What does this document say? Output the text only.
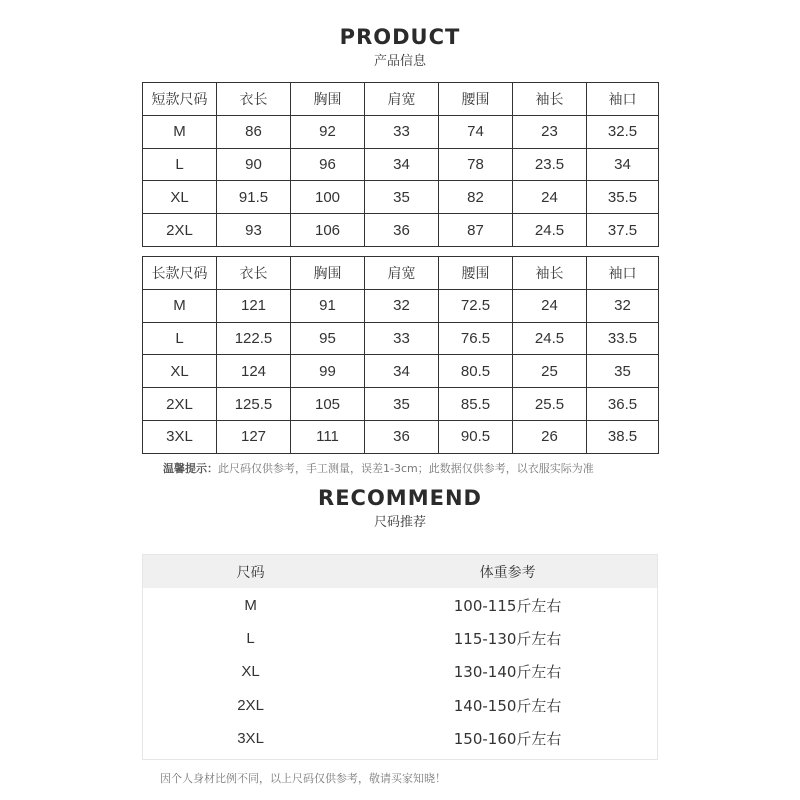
PRODUCT
产品信息
短款尺码	衣长	胸围	肩宽	腰围	袖长	袖口
M	86	92	33	74	23	32.5
L	90	96	34	78	23.5	34
XL	91.5	100	35	82	24	35.5
2XL	93	106	36	87	24.5	37.5
长款尺码	衣长	胸围	肩宽	腰围	袖长	袖口
M	121	91	32	72.5	24	32
L	122.5	95	33	76.5	24.5	33.5
XL	124	99	34	80.5	25	35
2XL	125.5	105	35	85.5	25.5	36.5
3XL	127	111	36	90.5	26	38.5
温馨提示：此尺码仅供参考，手工测量，误差1-3cm；此数据仅供参考，以衣服实际为准
RECOMMEND
尺码推荐
尺码	体重参考
M	100-115斤左右
L	115-130斤左右
XL	130-140斤左右
2XL	140-150斤左右
3XL	150-160斤左右
因个人身材比例不同，以上尺码仅供参考，敬请买家知晓！
